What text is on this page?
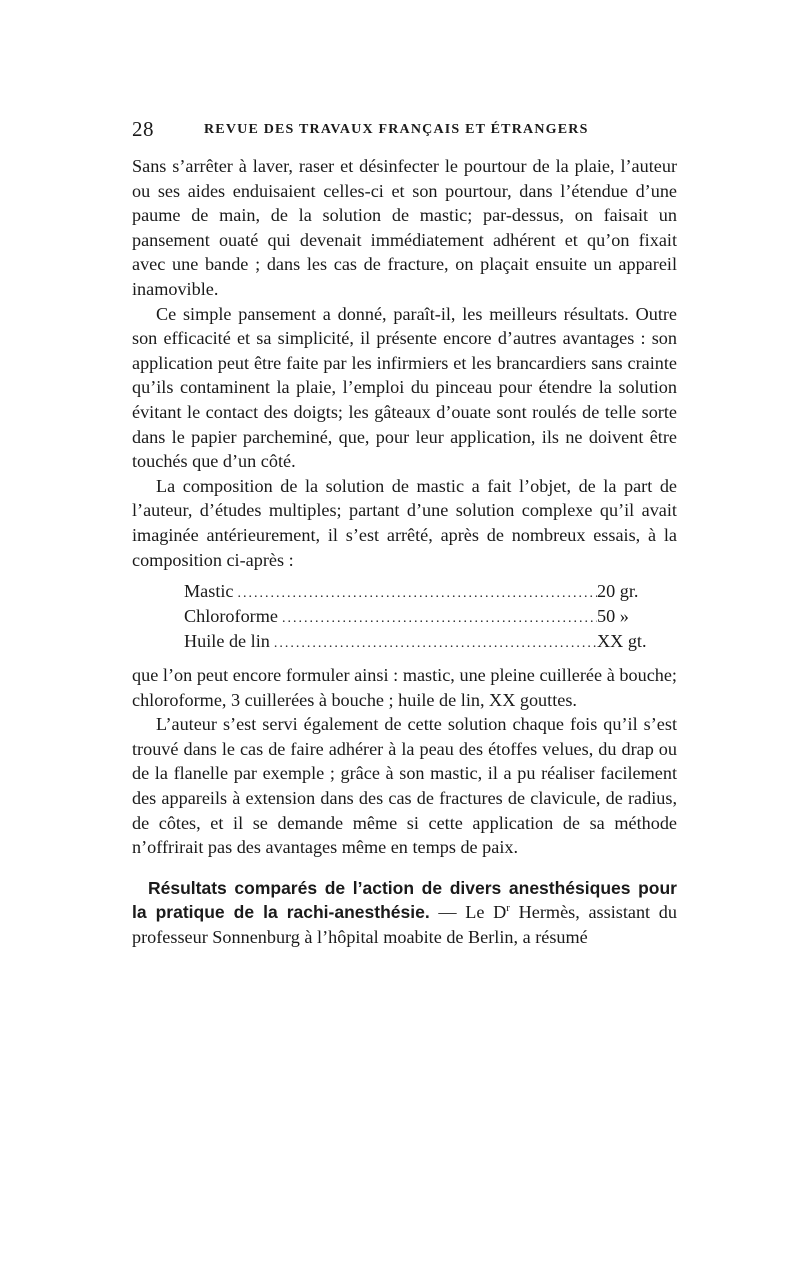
28	REVUE DES TRAVAUX FRANÇAIS ET ÉTRANGERS

Sans s’arrêter à laver, raser et désinfecter le pourtour de la plaie, l’auteur ou ses aides enduisaient celles-ci et son pourtour, dans l’étendue d’une paume de main, de la solution de mastic; par-dessus, on faisait un pansement ouaté qui devenait immédiatement adhérent et qu’on fixait avec une bande ; dans les cas de fracture, on plaçait ensuite un appareil inamovible.

Ce simple pansement a donné, paraît-il, les meilleurs résultats. Outre son efficacité et sa simplicité, il présente encore d’autres avantages : son application peut être faite par les infirmiers et les brancardiers sans crainte qu’ils contaminent la plaie, l’emploi du pinceau pour étendre la solution évitant le contact des doigts; les gâteaux d’ouate sont roulés de telle sorte dans le papier parcheminé, que, pour leur application, ils ne doivent être touchés que d’un côté.

La composition de la solution de mastic a fait l’objet, de la part de l’auteur, d’études multiples; partant d’une solution complexe qu’il avait imaginée antérieurement, il s’est arrêté, après de nombreux essais, à la composition ci-après :

Mastic .....	20 gr.
Chloroforme .....	50 »
Huile de lin .....	XX gt.

que l’on peut encore formuler ainsi : mastic, une pleine cuillerée à bouche; chloroforme, 3 cuillerées à bouche ; huile de lin, XX gouttes.

L’auteur s’est servi également de cette solution chaque fois qu’il s’est trouvé dans le cas de faire adhérer à la peau des étoffes velues, du drap ou de la flanelle par exemple ; grâce à son mastic, il a pu réaliser facilement des appareils à extension dans des cas de fractures de clavicule, de radius, de côtes, et il se demande même si cette application de sa méthode n’offrirait pas des avantages même en temps de paix.

Résultats comparés de l’action de divers anesthésiques pour la pratique de la rachi-anesthésie. — Le $D^r$ Hermès, assistant du professeur Sonnenburg à l’hôpital moabite de Berlin, a résumé
